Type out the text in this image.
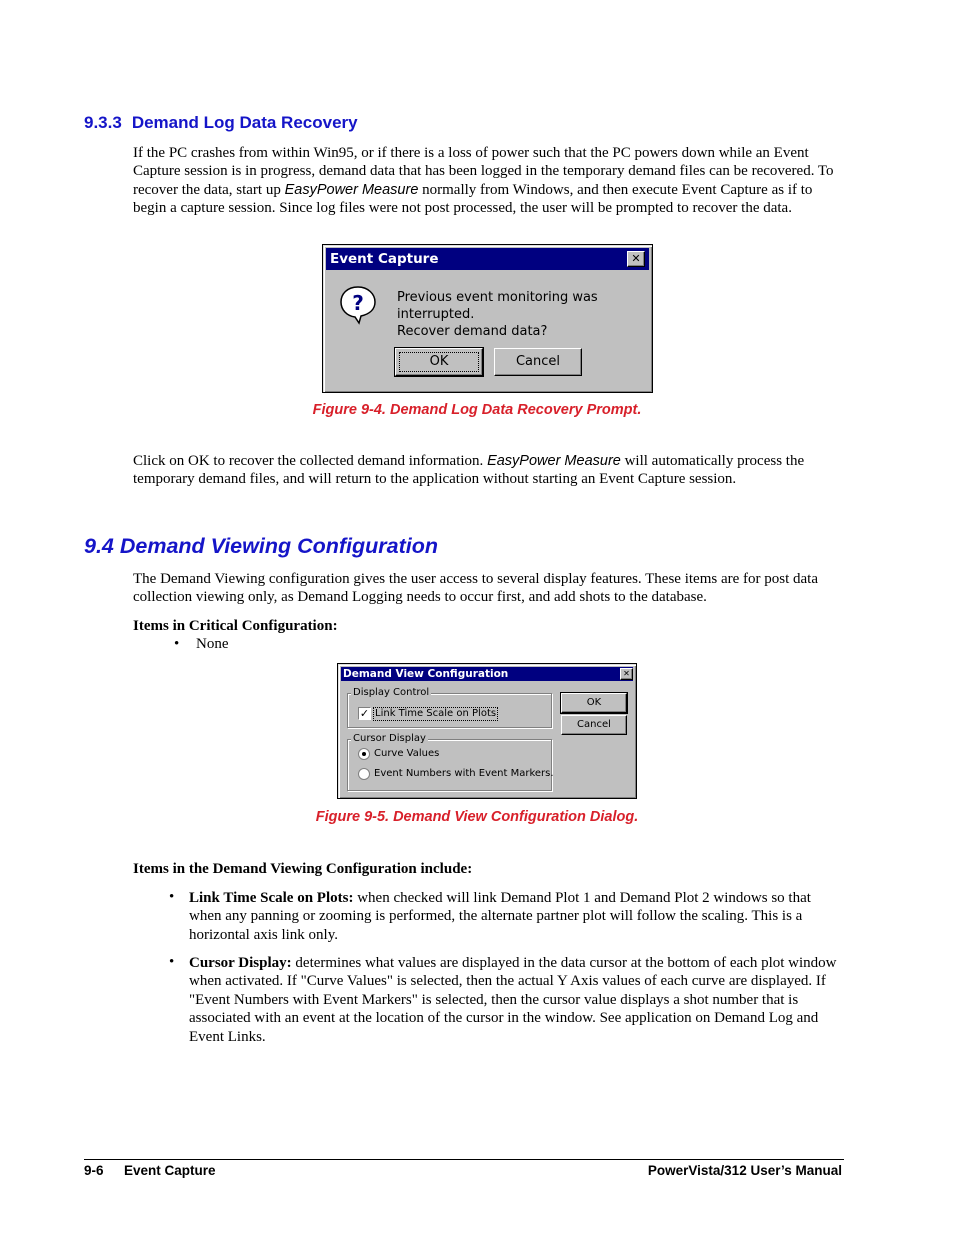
9.3.3 Demand Log Data Recovery
If the PC crashes from within Win95, or if there is a loss of power such that the PC powers down while an Event Capture session is in progress, demand data that has been logged in the temporary demand files can be recovered. To recover the data, start up EasyPower Measure normally from Windows, and then execute Event Capture as if to begin a capture session. Since log files were not post processed, the user will be prompted to recover the data.
Event Capture	✕
?	Previous event monitoring was interrupted.
Recover demand data?
OK	Cancel
Figure 9-4. Demand Log Data Recovery Prompt.
Click on OK to recover the collected demand information. EasyPower Measure will automatically process the temporary demand files, and will return to the application without starting an Event Capture session.
9.4 Demand Viewing Configuration
The Demand Viewing configuration gives the user access to several display features. These items are for post data collection viewing only, as Demand Logging needs to occur first, and add shots to the database.
Items in Critical Configuration:
• None
Demand View Configuration	✕
Display Control
✓ Link Time Scale on Plots
Cursor Display
Curve Values
Event Numbers with Event Markers.
OK
Cancel
Figure 9-5. Demand View Configuration Dialog.
Items in the Demand Viewing Configuration include:
• Link Time Scale on Plots: when checked will link Demand Plot 1 and Demand Plot 2 windows so that when any panning or zooming is performed, the alternate partner plot will follow the scaling. This is a horizontal axis link only.
• Cursor Display: determines what values are displayed in the data cursor at the bottom of each plot window when activated. If "Curve Values" is selected, then the actual Y Axis values of each curve are displayed. If "Event Numbers with Event Markers" is selected, then the cursor value displays a shot number that is associated with an event at the location of the cursor in the window. See application on Demand Log and Event Links.
9-6 Event Capture	PowerVista/312 User’s Manual
